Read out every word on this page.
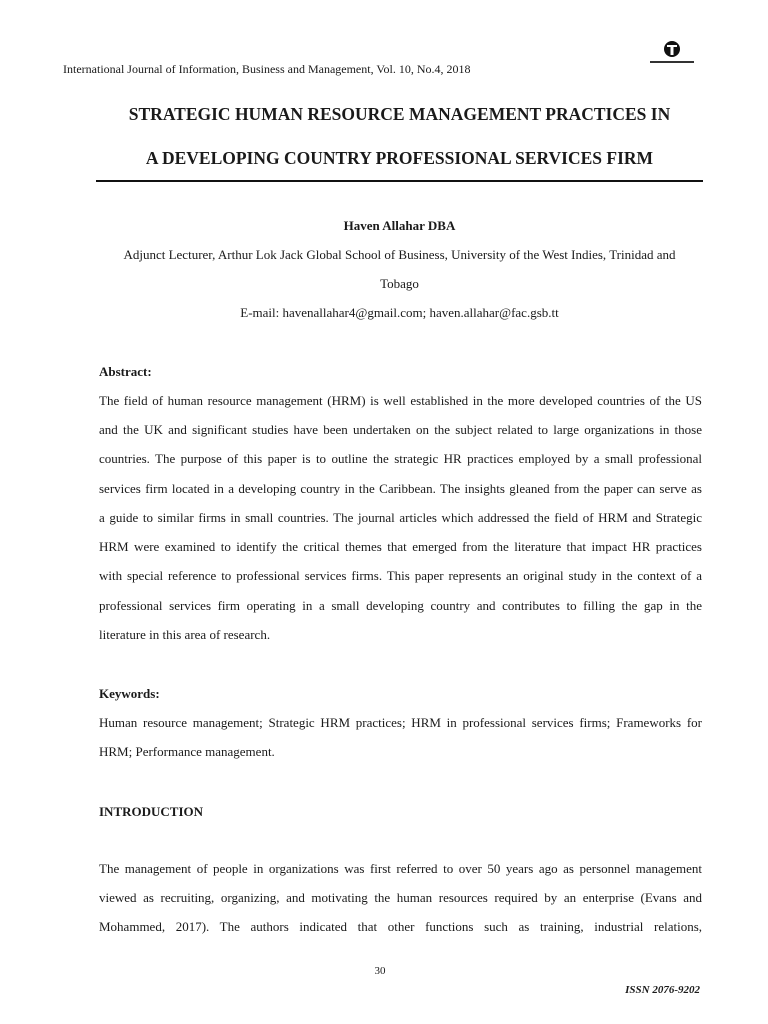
International Journal of Information, Business and Management, Vol. 10, No.4, 2018
STRATEGIC HUMAN RESOURCE MANAGEMENT PRACTICES IN
A DEVELOPING COUNTRY PROFESSIONAL SERVICES FIRM
Haven Allahar DBA
Adjunct Lecturer, Arthur Lok Jack Global School of Business, University of the West Indies, Trinidad and
Tobago
E-mail: havenallahar4@gmail.com; haven.allahar@fac.gsb.tt
Abstract:
The field of human resource management (HRM) is well established in the more developed countries of the US
and the UK and significant studies have been undertaken on the subject related to large organizations in those
countries. The purpose of this paper is to outline the strategic HR practices employed by a small professional
services firm located in a developing country in the Caribbean. The insights gleaned from the paper can serve as
a guide to similar firms in small countries. The journal articles which addressed the field of HRM and Strategic
HRM were examined to identify the critical themes that emerged from the literature that impact HR practices
with special reference to professional services firms. This paper represents an original study in the context of a
professional services firm operating in a small developing country and contributes to filling the gap in the
literature in this area of research.
Keywords:
Human resource management; Strategic HRM practices; HRM in professional services firms; Frameworks for
HRM; Performance management.
INTRODUCTION
The management of people in organizations was first referred to over 50 years ago as personnel management
viewed as recruiting, organizing, and motivating the human resources required by an enterprise (Evans and
Mohammed, 2017). The authors indicated that other functions such as training, industrial relations,
30
ISSN 2076-9202
